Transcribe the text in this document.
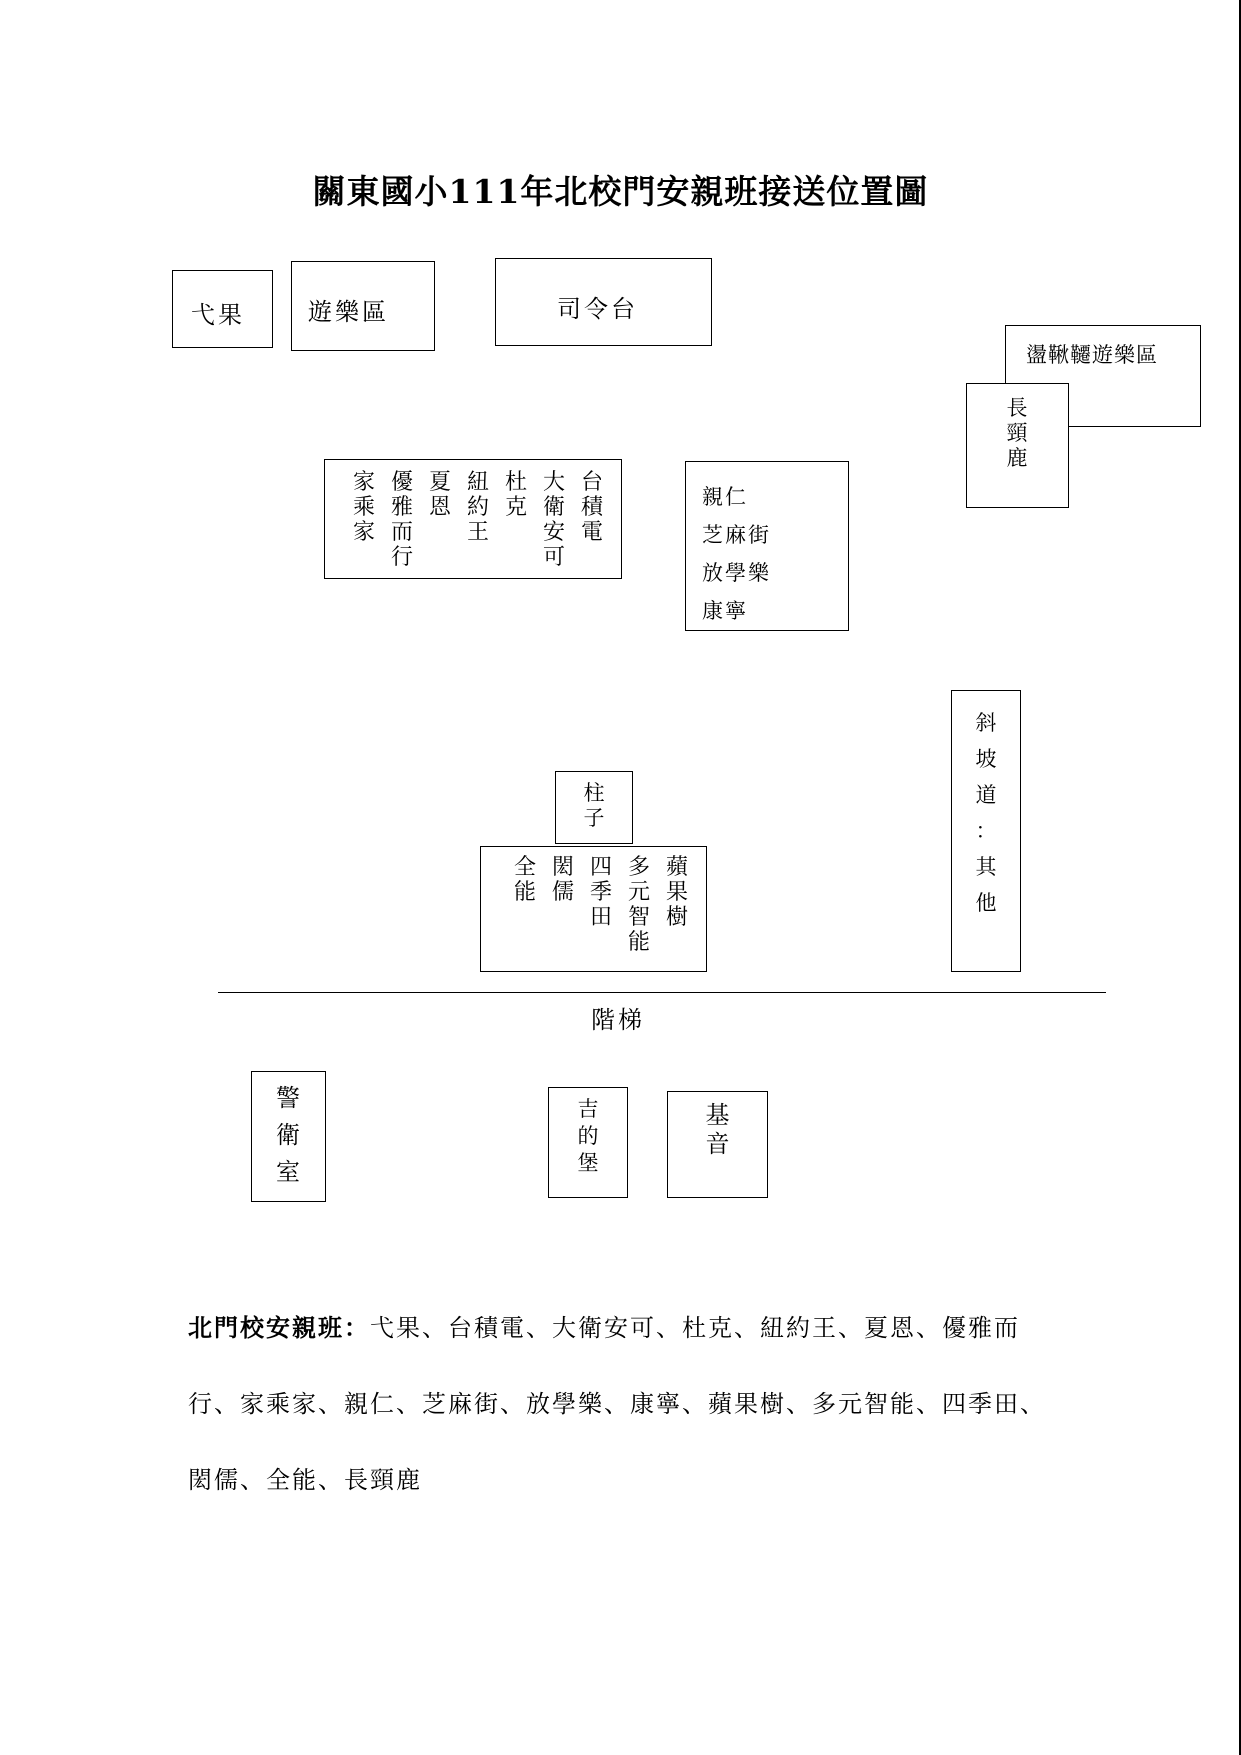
關東國小111年北校門安親班接送位置圖
弋果	遊樂區	司令台
盪鞦韆遊樂區
長
頸
鹿
台
積
電
大
衛
安
可
杜
克
紐
約
王
夏
恩
優
雅
而
行
家
乘
家
親仁
芝麻街
放學樂
康寧
斜
坡
道
：
其
他
柱
子
蘋
果
樹
多
元
智
能
四
季
田
閎
儒
全
能
階梯
警
衛
室
吉
的
堡
基
音
北門校安親班：弋果、台積電、大衛安可、杜克、紐約王、夏恩、優雅而行、家乘家、親仁、芝麻街、放學樂、康寧、蘋果樹、多元智能、四季田、閎儒、全能、長頸鹿
